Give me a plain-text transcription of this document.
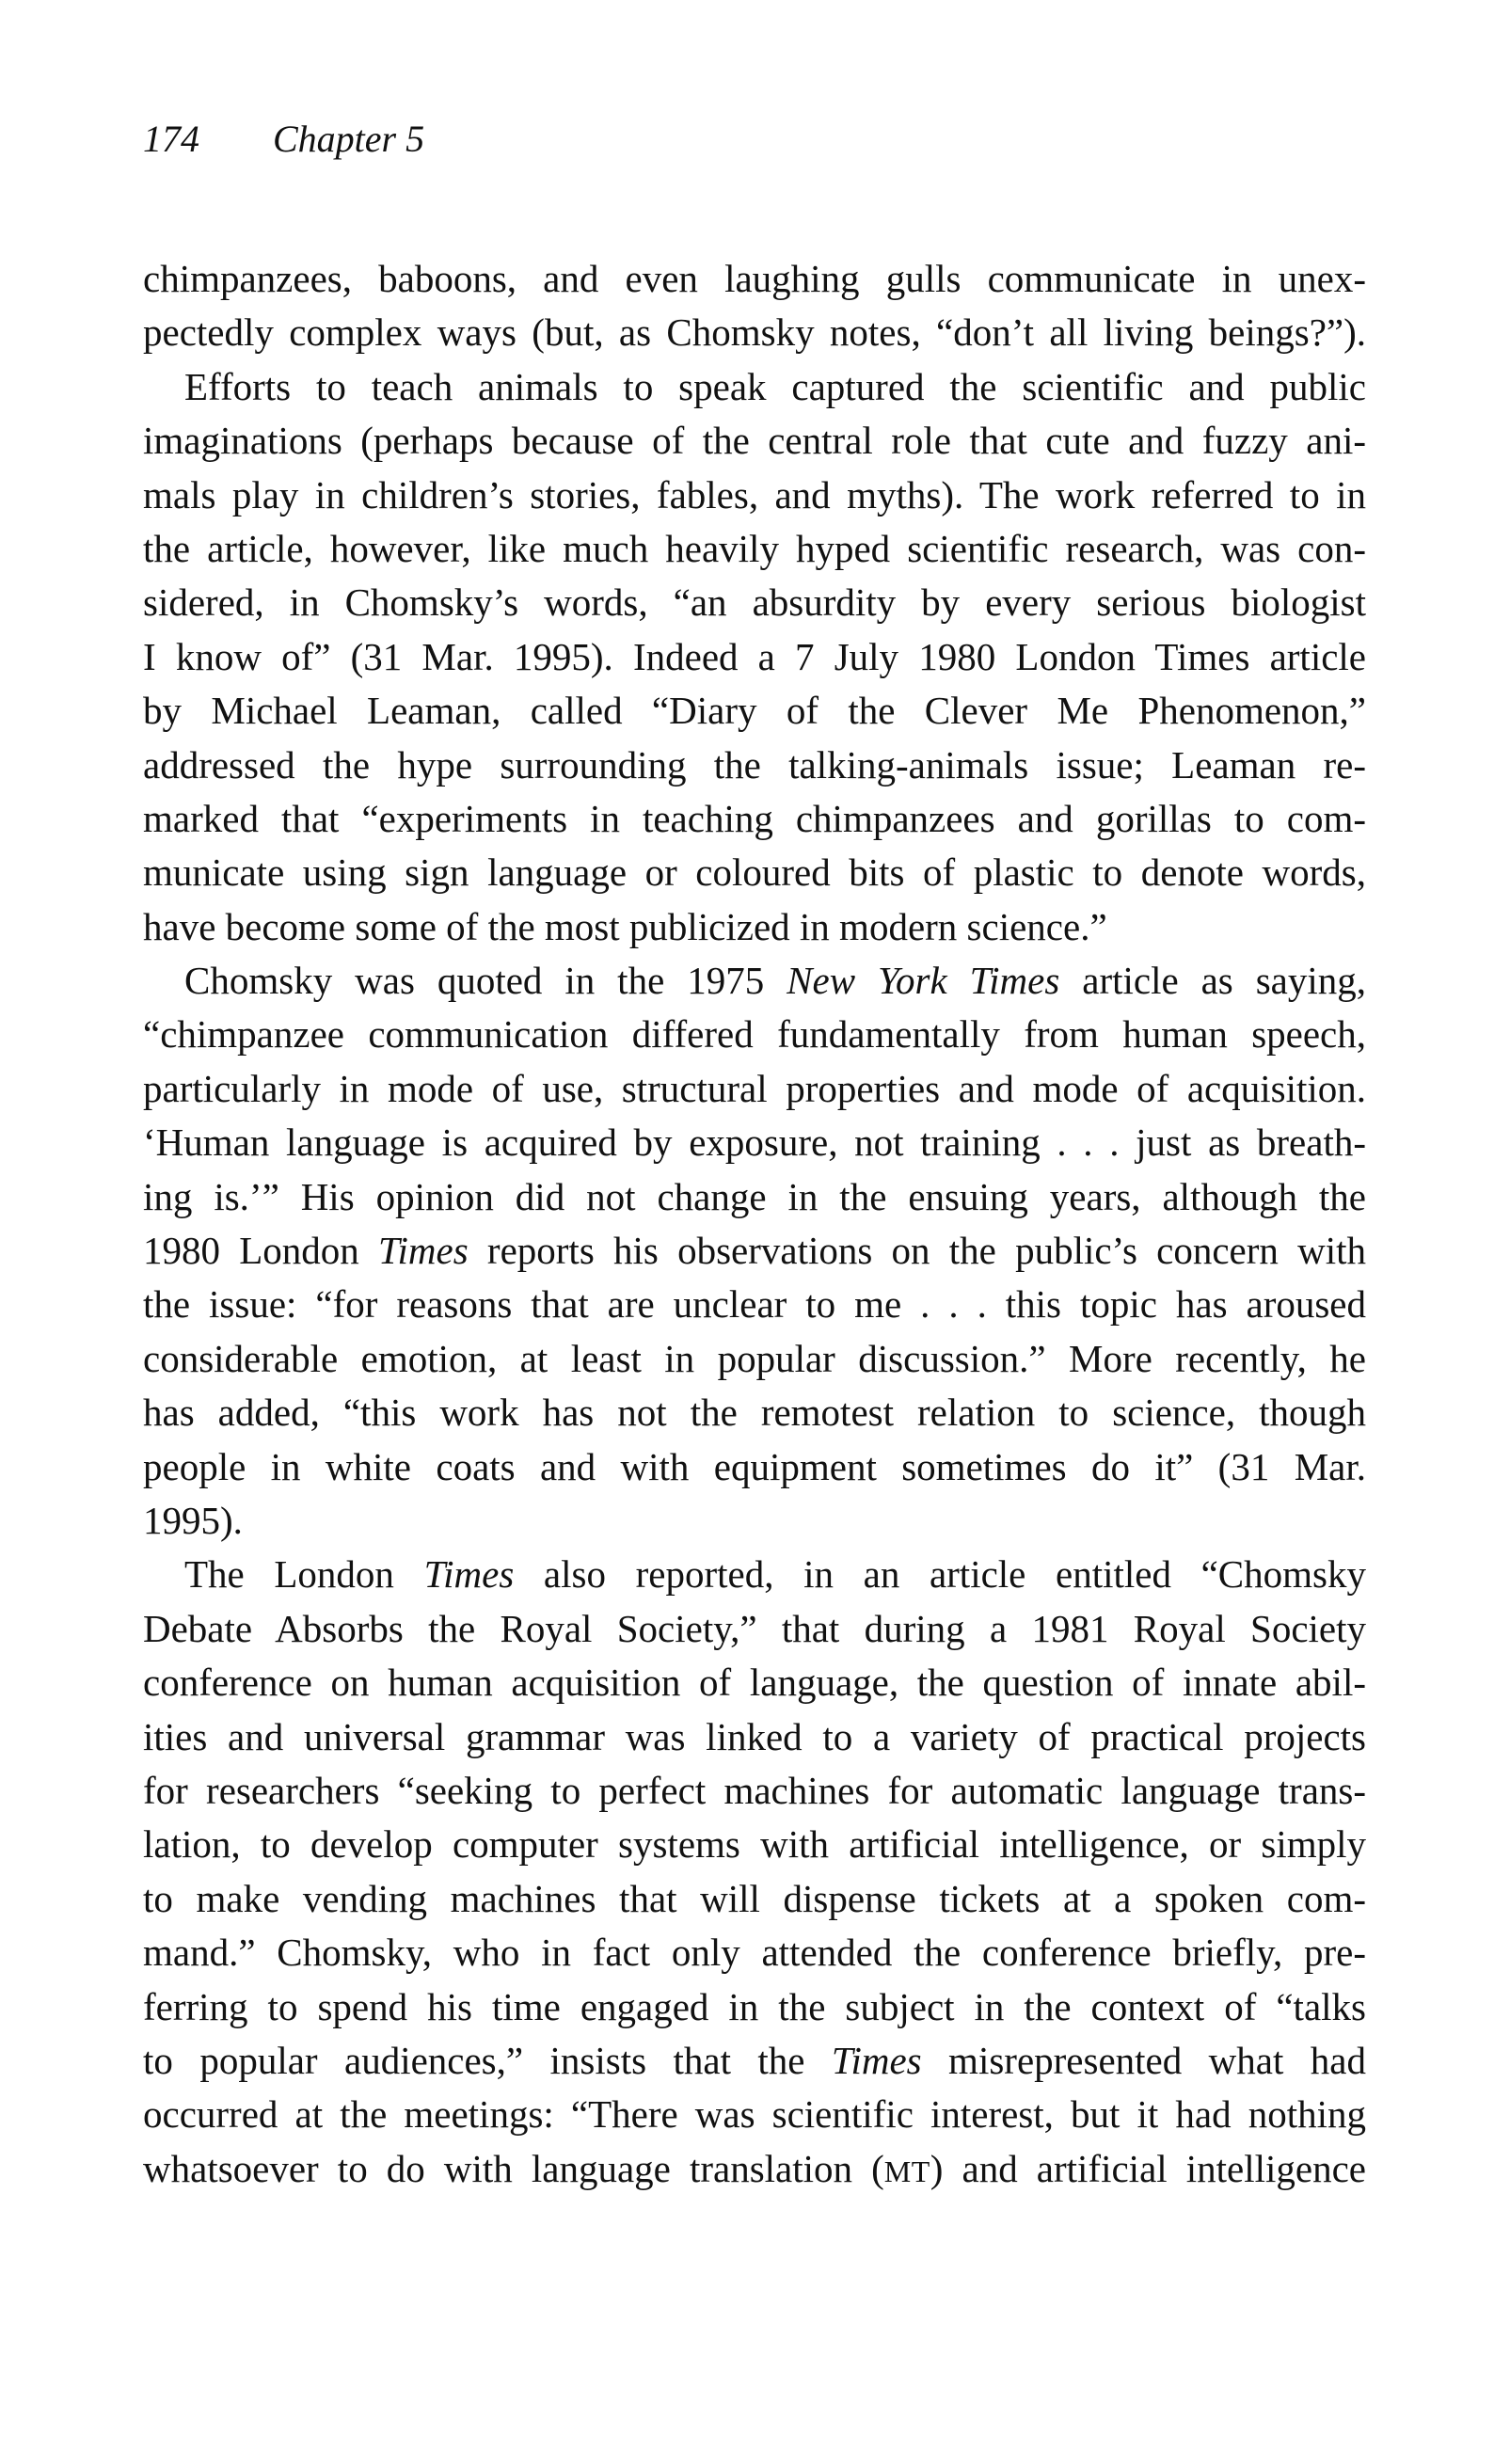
174 Chapter 5
chimpanzees, baboons, and even laughing gulls communicate in unex-
pectedly complex ways (but, as Chomsky notes, “don’t all living beings?”).
Efforts to teach animals to speak captured the scientific and public
imaginations (perhaps because of the central role that cute and fuzzy ani-
mals play in children’s stories, fables, and myths). The work referred to in
the article, however, like much heavily hyped scientific research, was con-
sidered, in Chomsky’s words, “an absurdity by every serious biologist
I know of” (31 Mar. 1995). Indeed a 7 July 1980 London Times article
by Michael Leaman, called “Diary of the Clever Me Phenomenon,”
addressed the hype surrounding the talking-animals issue; Leaman re-
marked that “experiments in teaching chimpanzees and gorillas to com-
municate using sign language or coloured bits of plastic to denote words,
have become some of the most publicized in modern science.”
Chomsky was quoted in the 1975 New York Times article as saying,
“chimpanzee communication differed fundamentally from human speech,
particularly in mode of use, structural properties and mode of acquisition.
‘Human language is acquired by exposure, not training . . . just as breath-
ing is.’” His opinion did not change in the ensuing years, although the
1980 London Times reports his observations on the public’s concern with
the issue: “for reasons that are unclear to me . . . this topic has aroused
considerable emotion, at least in popular discussion.” More recently, he
has added, “this work has not the remotest relation to science, though
people in white coats and with equipment sometimes do it” (31 Mar.
1995).
The London Times also reported, in an article entitled “Chomsky
Debate Absorbs the Royal Society,” that during a 1981 Royal Society
conference on human acquisition of language, the question of innate abil-
ities and universal grammar was linked to a variety of practical projects
for researchers “seeking to perfect machines for automatic language trans-
lation, to develop computer systems with artificial intelligence, or simply
to make vending machines that will dispense tickets at a spoken com-
mand.” Chomsky, who in fact only attended the conference briefly, pre-
ferring to spend his time engaged in the subject in the context of “talks
to popular audiences,” insists that the Times misrepresented what had
occurred at the meetings: “There was scientific interest, but it had nothing
whatsoever to do with language translation (MT) and artificial intelligence
